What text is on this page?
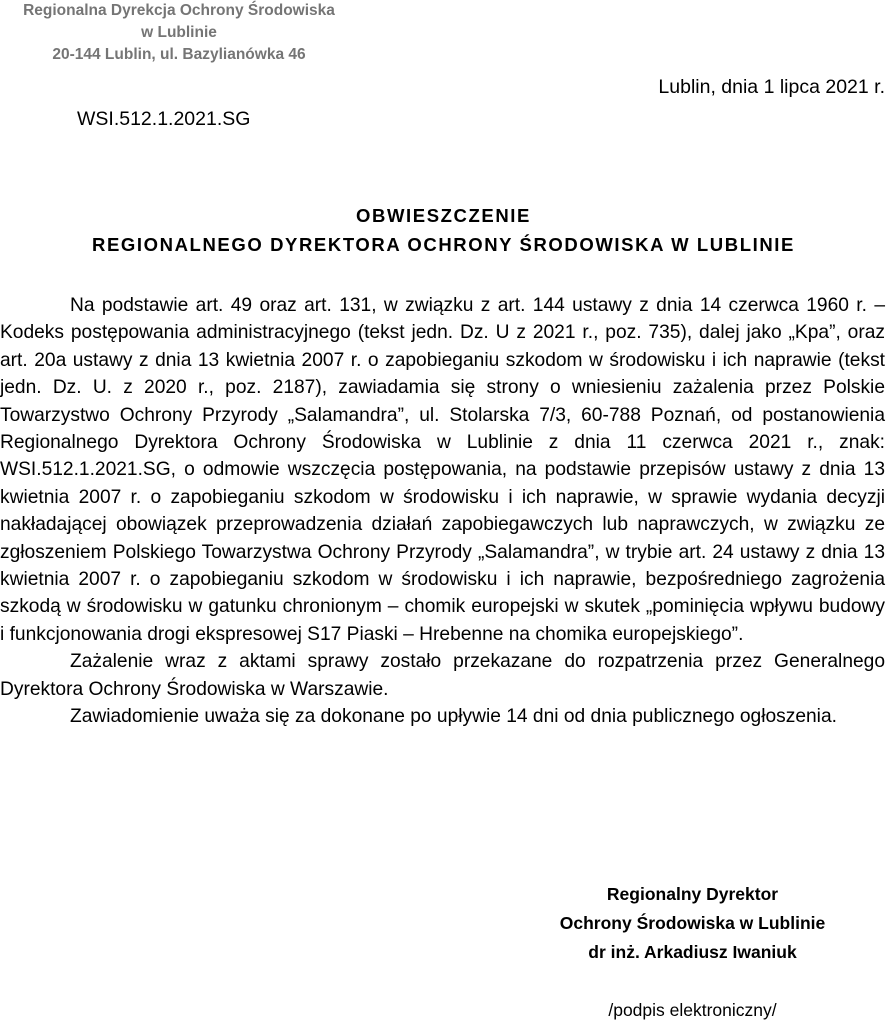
Regionalna Dyrekcja Ochrony Środowiska
w Lublinie
20-144 Lublin, ul. Bazylianówka 46
Lublin, dnia 1 lipca 2021 r.
WSI.512.1.2021.SG
OBWIESZCZENIE
REGIONALNEGO DYREKTORA OCHRONY ŚRODOWISKA W LUBLINIE

Na podstawie art. 49 oraz art. 131, w związku z art. 144 ustawy z dnia 14 czerwca 1960 r. – Kodeks postępowania administracyjnego (tekst jedn. Dz. U z 2021 r., poz. 735), dalej jako „Kpa”, oraz art. 20a ustawy z dnia 13 kwietnia 2007 r. o zapobieganiu szkodom w środowisku i ich naprawie (tekst jedn. Dz. U. z 2020 r., poz. 2187), zawiadamia się strony o wniesieniu zażalenia przez Polskie Towarzystwo Ochrony Przyrody „Salamandra”, ul. Stolarska 7/3, 60-788 Poznań, od postanowienia Regionalnego Dyrektora Ochrony Środowiska w Lublinie z dnia 11 czerwca 2021 r., znak: WSI.512.1.2021.SG, o odmowie wszczęcia postępowania, na podstawie przepisów ustawy z dnia 13 kwietnia 2007 r. o zapobieganiu szkodom w środowisku i ich naprawie, w sprawie wydania decyzji nakładającej obowiązek przeprowadzenia działań zapobiegawczych lub naprawczych, w związku ze zgłoszeniem Polskiego Towarzystwa Ochrony Przyrody „Salamandra”, w trybie art. 24 ustawy z dnia 13 kwietnia 2007 r. o zapobieganiu szkodom w środowisku i ich naprawie, bezpośredniego zagrożenia szkodą w środowisku w gatunku chronionym – chomik europejski w skutek „pominięcia wpływu budowy i funkcjonowania drogi ekspresowej S17 Piaski – Hrebenne na chomika europejskiego”.

Zażalenie wraz z aktami sprawy zostało przekazane do rozpatrzenia przez Generalnego Dyrektora Ochrony Środowiska w Warszawie.

Zawiadomienie uważa się za dokonane po upływie 14 dni od dnia publicznego ogłoszenia.

Regionalny Dyrektor
Ochrony Środowiska w Lublinie
dr inż. Arkadiusz Iwaniuk
/podpis elektroniczny/
